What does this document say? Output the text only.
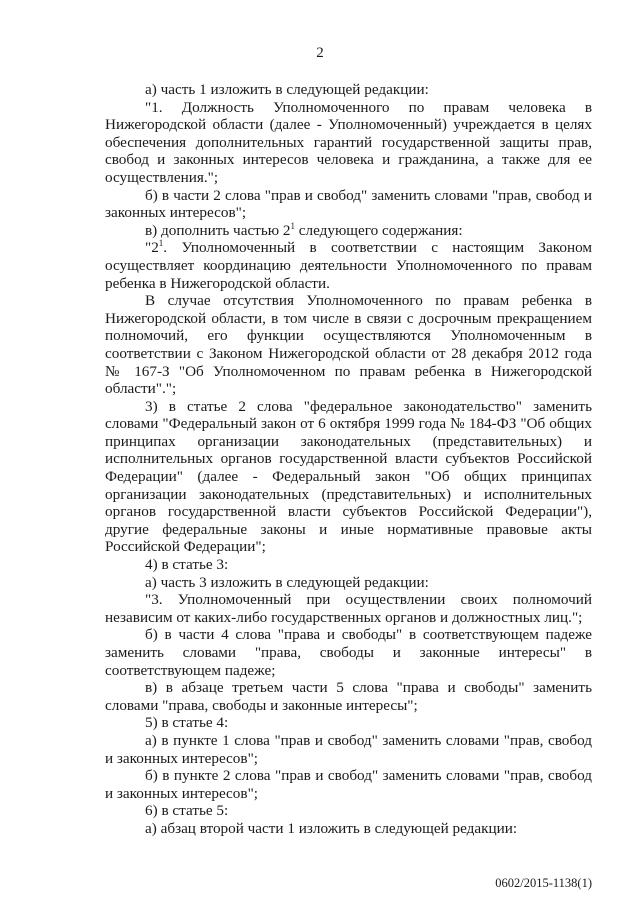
2

а) часть 1 изложить в следующей редакции:

"1. Должность Уполномоченного по правам человека в Нижегородской области (далее - Уполномоченный) учреждается в целях обеспечения дополнительных гарантий государственной защиты прав, свобод и законных интересов человека и гражданина, а также для ее осуществления.";

б) в части 2 слова "прав и свобод" заменить словами "прав, свобод и законных интересов";

в) дополнить частью $2^1$ следующего содержания:

"$2^1$. Уполномоченный в соответствии с настоящим Законом осуществляет координацию деятельности Уполномоченного по правам ребенка в Нижегородской области.

В случае отсутствия Уполномоченного по правам ребенка в Нижегородской области, в том числе в связи с досрочным прекращением полномочий, его функции осуществляются Уполномоченным в соответствии с Законом Нижегородской области от 28 декабря 2012 года № 167-З "Об Уполномоченном по правам ребенка в Нижегородской области".";

3) в статье 2 слова "федеральное законодательство" заменить словами "Федеральный закон от 6 октября 1999 года № 184-ФЗ "Об общих принципах организации законодательных (представительных) и исполнительных органов государственной власти субъектов Российской Федерации" (далее - Федеральный закон "Об общих принципах организации законодательных (представительных) и исполнительных органов государственной власти субъектов Российской Федерации"), другие федеральные законы и иные нормативные правовые акты Российской Федерации";

4) в статье 3:

а) часть 3 изложить в следующей редакции:

"3. Уполномоченный при осуществлении своих полномочий независим от каких-либо государственных органов и должностных лиц.";

б) в части 4 слова "права и свободы" в соответствующем падеже заменить словами "права, свободы и законные интересы" в соответствующем падеже;

в) в абзаце третьем части 5 слова "права и свободы" заменить словами "права, свободы и законные интересы";

5) в статье 4:

а) в пункте 1 слова "прав и свобод" заменить словами "прав, свобод и законных интересов";

б) в пункте 2 слова "прав и свобод" заменить словами "прав, свобод и законных интересов";

6) в статье 5:

а) абзац второй части 1 изложить в следующей редакции:

0602/2015-1138(1)
